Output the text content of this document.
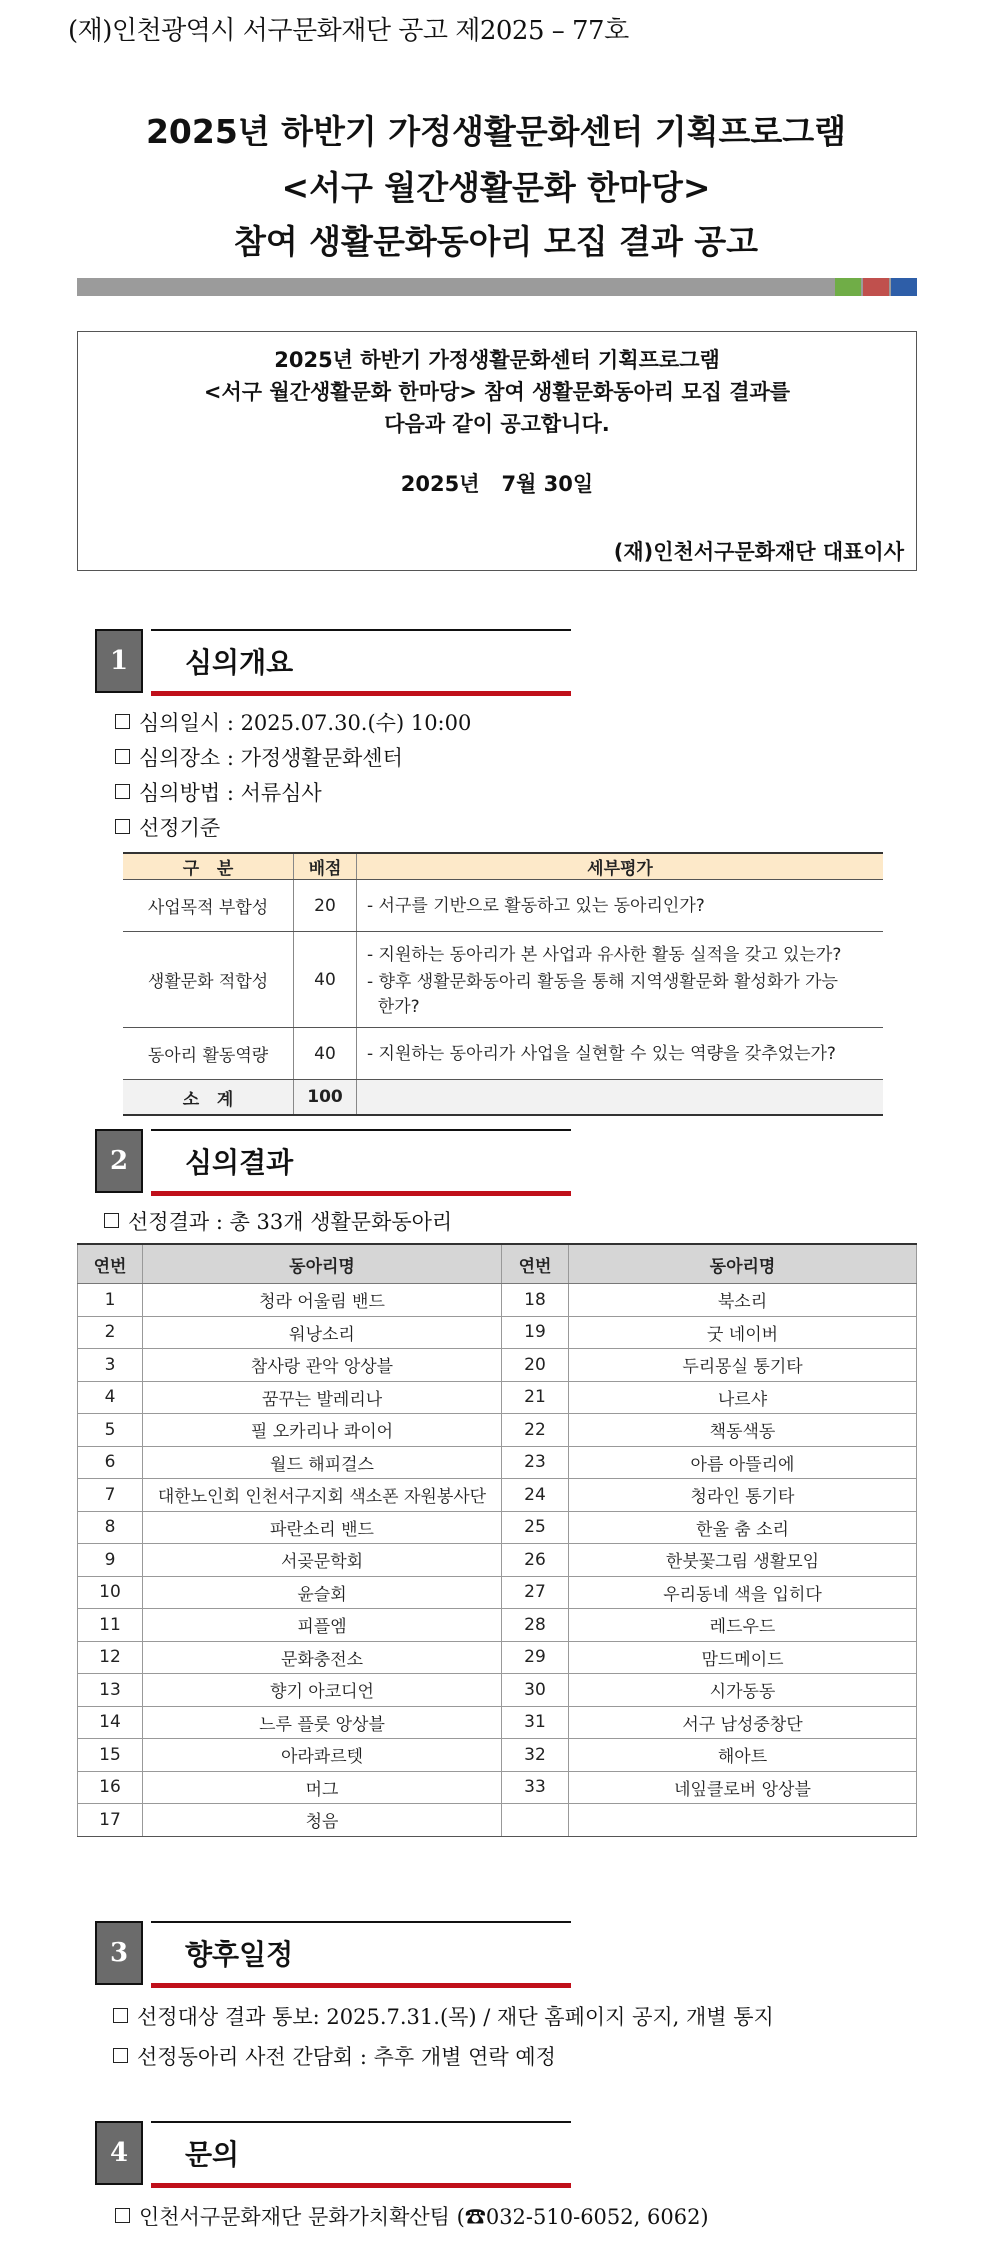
(재)인천광역시 서구문화재단 공고 제2025 – 77호
2025년 하반기 가정생활문화센터 기획프로그램
<서구 월간생활문화 한마당>
참여 생활문화동아리 모집 결과 공고
2025년 하반기 가정생활문화센터 기획프로그램
<서구 월간생활문화 한마당> 참여 생활문화동아리 모집 결과를
다음과 같이 공고합니다.
2025년   7월 30일
(재)인천서구문화재단 대표이사
1	심의개요
심의일시 : 2025.07.30.(수) 10:00
심의장소 : 가정생활문화센터
심의방법 : 서류심사
선정기준
구   분	배점	세부평가
사업목적 부합성	20	- 서구를 기반으로 활동하고 있는 동아리인가?
생활문화 적합성	40	- 지원하는 동아리가 본 사업과 유사한 활동 실적을 갖고 있는가?
- 향후 생활문화동아리 활동을 통해 지역생활문화 활성화가 가능
한가?

동아리 활동역량	40	- 지원하는 동아리가 사업을 실현할 수 있는 역량을 갖추었는가?
소   계	100	
2	심의결과
선정결과 : 총 33개 생활문화동아리
연번	동아리명	연번	동아리명
1	청라 어울림 밴드	18	북소리
2	워낭소리	19	굿 네이버
3	참사랑 관악 앙상블	20	두리몽실 통기타
4	꿈꾸는 발레리나	21	나르샤
5	필 오카리나 콰이어	22	책동색동
6	월드 해피걸스	23	아름 아뜰리에
7	대한노인회 인천서구지회 색소폰 자원봉사단	24	청라인 통기타
8	파란소리 밴드	25	한울 춤 소리
9	서곶문학회	26	한붓꽃그림 생활모임
10	윤슬회	27	우리동네 색을 입히다
11	피플엠	28	레드우드
12	문화충전소	29	맘드메이드
13	향기 아코디언	30	시가동동
14	느루 플룻 앙상블	31	서구 남성중창단
15	아라콰르텟	32	해아트
16	머그	33	네잎클로버 앙상블
17	청음		
3	향후일정
선정대상 결과 통보: 2025.7.31.(목) / 재단 홈페이지 공지, 개별 통지
선정동아리 사전 간담회 : 추후 개별 연락 예정
4	문의
인천서구문화재단 문화가치확산팀 (☎032-510-6052, 6062)
